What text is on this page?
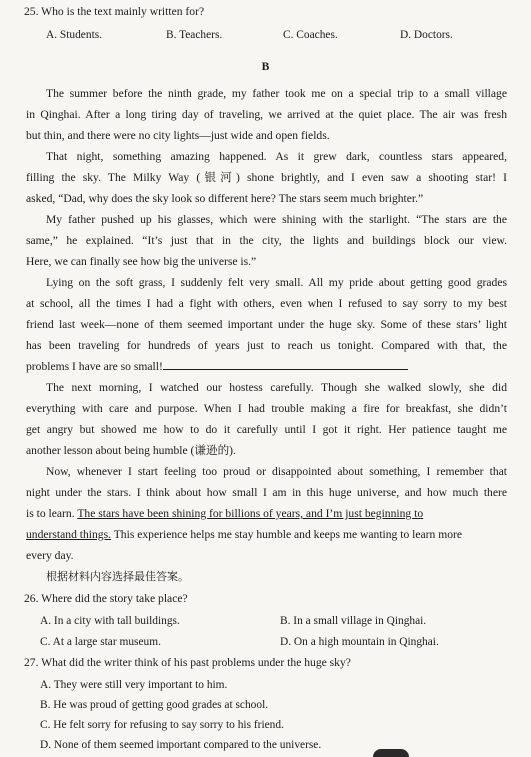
25. Who is the text mainly written for?
A. Students.	B. Teachers.	C. Coaches.	D. Doctors.
B
The summer before the ninth grade, my father took me on a special trip to a small village
in Qinghai. After a long tiring day of traveling, we arrived at the quiet place. The air was fresh
but thin, and there were no city lights—just wide and open fields.
That night, something amazing happened. As it grew dark, countless stars appeared,
filling the sky. The Milky Way (银河) shone brightly, and I even saw a shooting star! I
asked, “Dad, why does the sky look so different here? The stars seem much brighter.”
My father pushed up his glasses, which were shining with the starlight. “The stars are the
same,” he explained. “It’s just that in the city, the lights and buildings block our view.
Here, we can finally see how big the universe is.”
Lying on the soft grass, I suddenly felt very small. All my pride about getting good grades
at school, all the times I had a fight with others, even when I refused to say sorry to my best
friend last week—none of them seemed important under the huge sky. Some of these stars’ light
has been traveling for hundreds of years just to reach us tonight. Compared with that, the
problems I have are so small!
The next morning, I watched our hostess carefully. Though she walked slowly, she did
everything with care and purpose. When I had trouble making a fire for breakfast, she didn’t
get angry but showed me how to do it carefully until I got it right. Her patience taught me
another lesson about being humble (谦逊的).
Now, whenever I start feeling too proud or disappointed about something, I remember that
night under the stars. I think about how small I am in this huge universe, and how much there
is to learn. The stars have been shining for billions of years, and I’m just beginning to
understand things. This experience helps me stay humble and keeps me wanting to learn more
every day.
根据材料内容选择最佳答案。
26. Where did the story take place?
A. In a city with tall buildings.	B. In a small village in Qinghai.
C. At a large star museum.	D. On a high mountain in Qinghai.
27. What did the writer think of his past problems under the huge sky?
A. They were still very important to him.
B. He was proud of getting good grades at school.
C. He felt sorry for refusing to say sorry to his friend.
D. None of them seemed important compared to the universe.
